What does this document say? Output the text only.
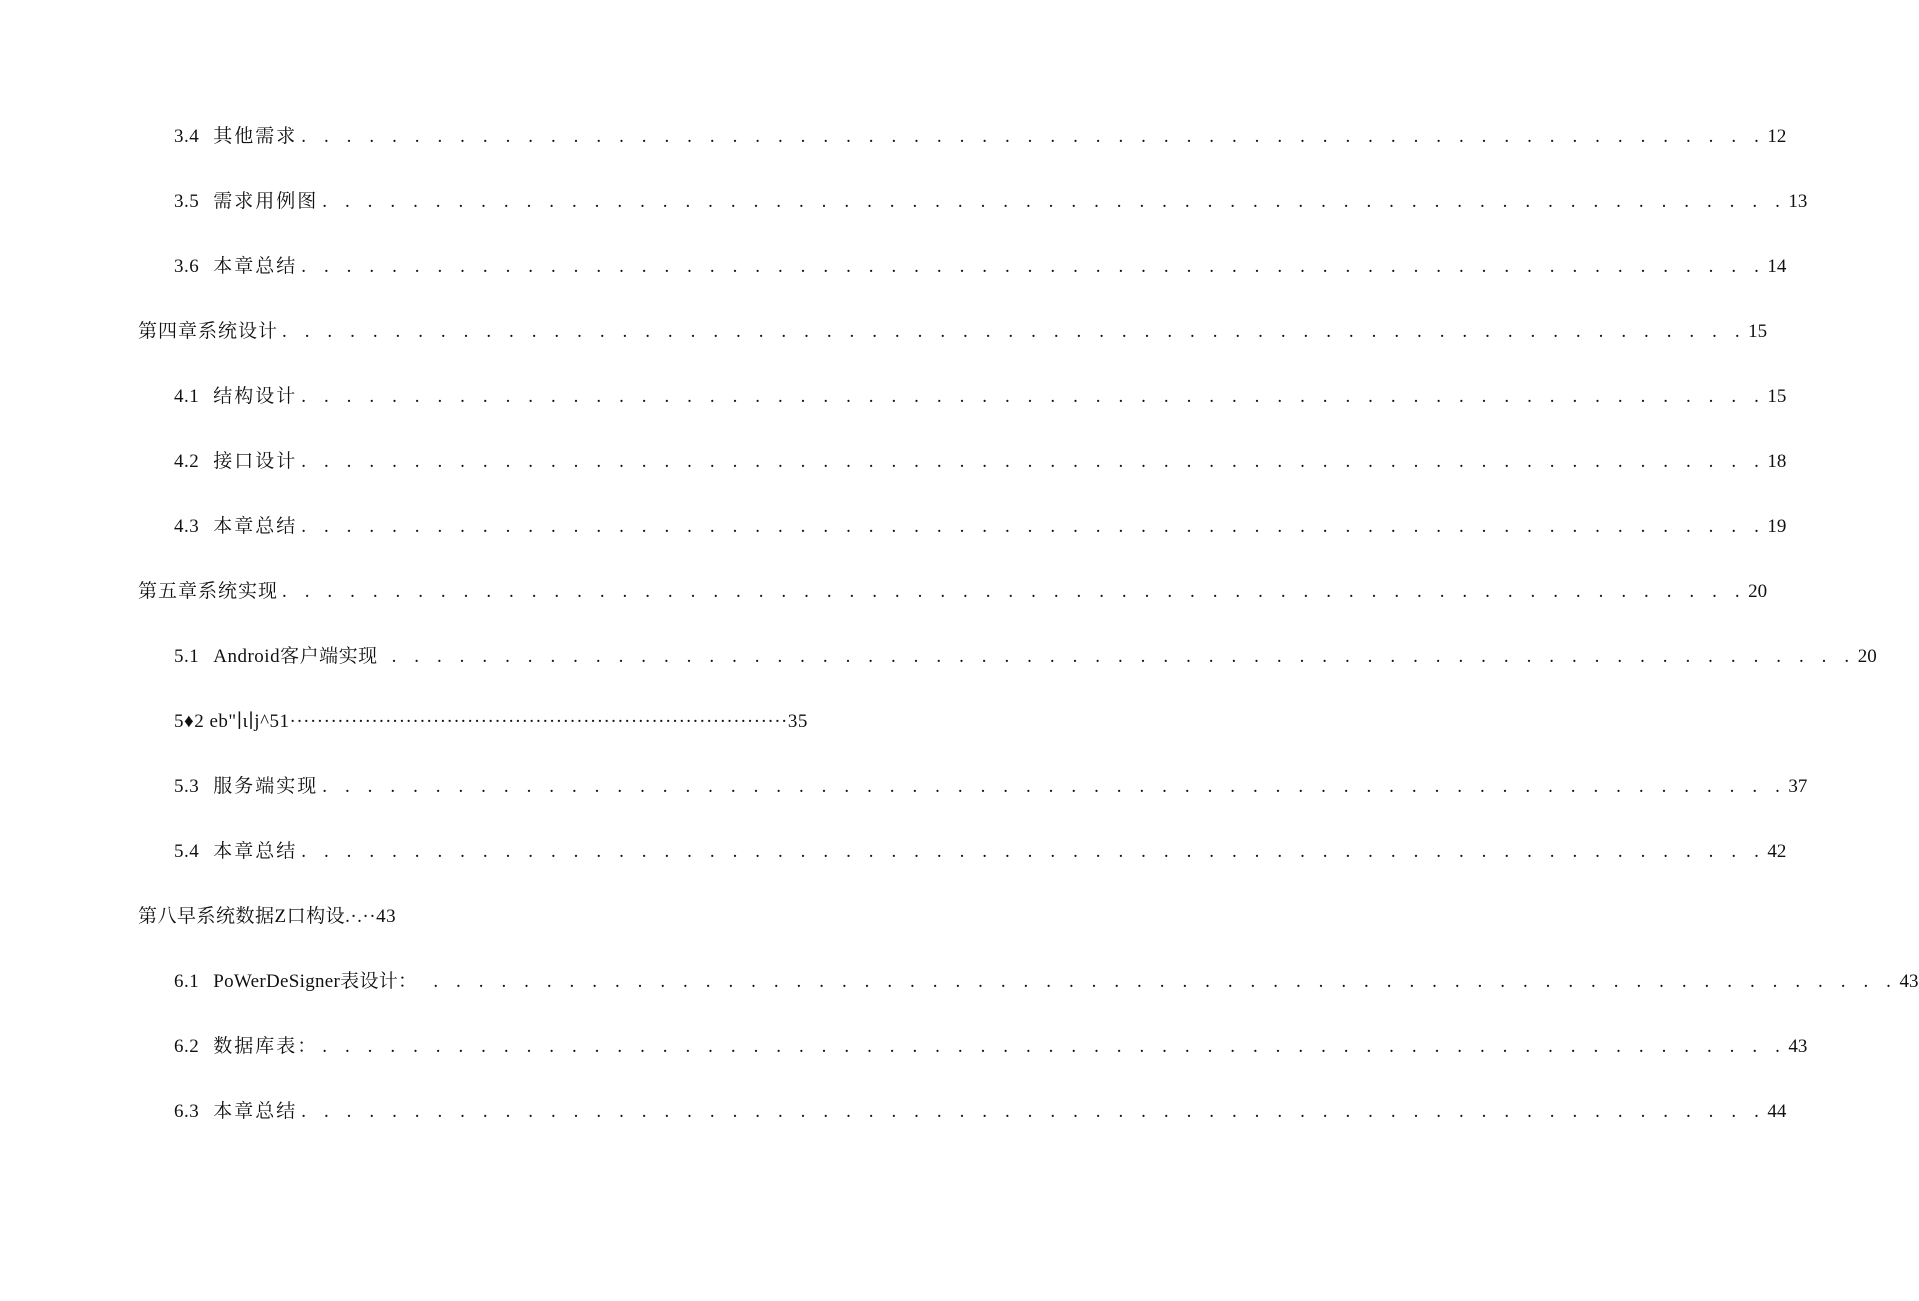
3.4 其他需求 . . . . . . . . . . . . . . . . . . . . . . . . . . . . . . . . . . . . . . . . . . . . . . . . . . . . . . . . . . . . . . . . . 12
3.5 需求用例图 . . . . . . . . . . . . . . . . . . . . . . . . . . . . . . . . . . . . . . . . . . . . . . . . . . . . . . . . . . . . . . . . . 13
3.6 本章总结 . . . . . . . . . . . . . . . . . . . . . . . . . . . . . . . . . . . . . . . . . . . . . . . . . . . . . . . . . . . . . . . . . 14
第四章系统设计 . . . . . . . . . . . . . . . . . . . . . . . . . . . . . . . . . . . . . . . . . . . . . . . . . . . . . . . . . . . . . . . . . 15
4.1 结构设计 . . . . . . . . . . . . . . . . . . . . . . . . . . . . . . . . . . . . . . . . . . . . . . . . . . . . . . . . . . . . . . . . . 15
4.2 接口设计 . . . . . . . . . . . . . . . . . . . . . . . . . . . . . . . . . . . . . . . . . . . . . . . . . . . . . . . . . . . . . . . . . 18
4.3 本章总结 . . . . . . . . . . . . . . . . . . . . . . . . . . . . . . . . . . . . . . . . . . . . . . . . . . . . . . . . . . . . . . . . . 19
第五章系统实现 . . . . . . . . . . . . . . . . . . . . . . . . . . . . . . . . . . . . . . . . . . . . . . . . . . . . . . . . . . . . . . . . . 20
5.1 Android客户端实现 . . . . . . . . . . . . . . . . . . . . . . . . . . . . . . . . . . . . . . . . . . . . . . . . . . . . . . . . . . . . . . . . . 20
5♦2 eb"∣ι∣j^51·········································································35
5.3 服务端实现 . . . . . . . . . . . . . . . . . . . . . . . . . . . . . . . . . . . . . . . . . . . . . . . . . . . . . . . . . . . . . . . . . 37
5.4 本章总结 . . . . . . . . . . . . . . . . . . . . . . . . . . . . . . . . . . . . . . . . . . . . . . . . . . . . . . . . . . . . . . . . . 42
第八早系统数据Z口构设.·.··43
6.1 PoWerDeSigner表设计： . . . . . . . . . . . . . . . . . . . . . . . . . . . . . . . . . . . . . . . . . . . . . . . . . . . . . . . . . . . . . . . . . 43
6.2 数据库表： . . . . . . . . . . . . . . . . . . . . . . . . . . . . . . . . . . . . . . . . . . . . . . . . . . . . . . . . . . . . . . . . . 43
6.3 本章总结 . . . . . . . . . . . . . . . . . . . . . . . . . . . . . . . . . . . . . . . . . . . . . . . . . . . . . . . . . . . . . . . . . 44
